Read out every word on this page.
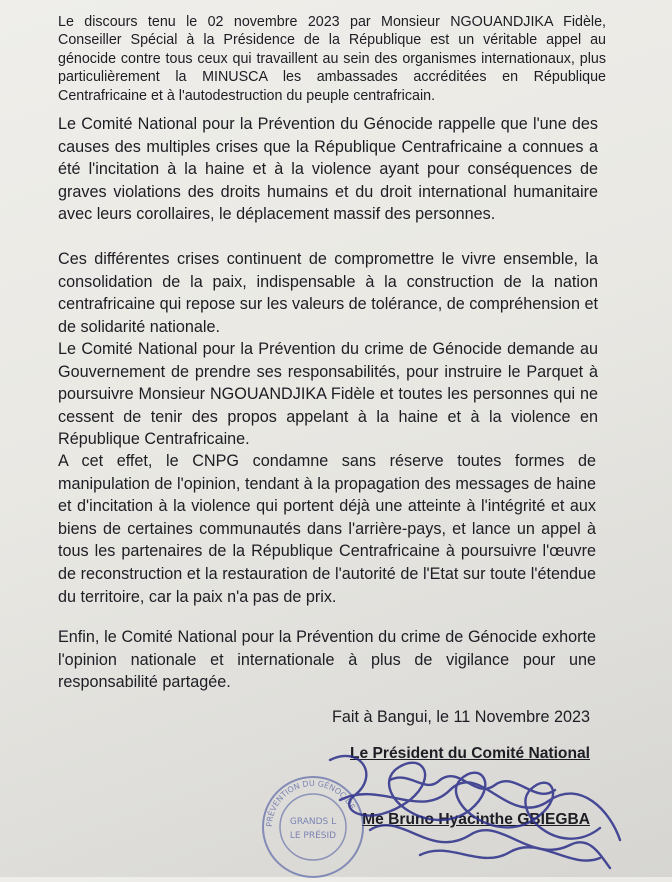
Le discours tenu le 02 novembre 2023 par Monsieur NGOUANDJIKA Fidèle, Conseiller Spécial à la Présidence de la République est un véritable appel au génocide contre tous ceux qui travaillent au sein des organismes internationaux, plus particulièrement la MINUSCA les ambassades accréditées en République Centrafricaine et à l'autodestruction du peuple centrafricain.

Le Comité National pour la Prévention du Génocide rappelle que l'une des causes des multiples crises que la République Centrafricaine a connues a été l'incitation à la haine et à la violence ayant pour conséquences de graves violations des droits humains et du droit international humanitaire avec leurs corollaires, le déplacement massif des personnes.

Ces différentes crises continuent de compromettre le vivre ensemble, la consolidation de la paix, indispensable à la construction de la nation centrafricaine qui repose sur les valeurs de tolérance, de compréhension et de solidarité nationale.

Le Comité National pour la Prévention du crime de Génocide demande au Gouvernement de prendre ses responsabilités, pour instruire le Parquet à poursuivre Monsieur NGOUANDJIKA Fidèle et toutes les personnes qui ne cessent de tenir des propos appelant à la haine et à la violence en République Centrafricaine.

A cet effet, le CNPG condamne sans réserve toutes formes de manipulation de l'opinion, tendant à la propagation des messages de haine et d'incitation à la violence qui portent déjà une atteinte à l'intégrité et aux biens de certaines communautés dans l'arrière-pays, et lance un appel à tous les partenaires de la République Centrafricaine à poursuivre l'œuvre de reconstruction et la restauration de l'autorité de l'Etat sur toute l'étendue du territoire, car la paix n'a pas de prix.

Enfin, le Comité National pour la Prévention du crime de Génocide exhorte l'opinion nationale et internationale à plus de vigilance pour une responsabilité partagée.

Fait à Bangui, le 11 Novembre 2023
Le Président du Comité National
Me Bruno Hyacinthe GBIEGBA
PRÉVENTION DU GÉNOCIDE
GRANDS L
LE PRÉSID
